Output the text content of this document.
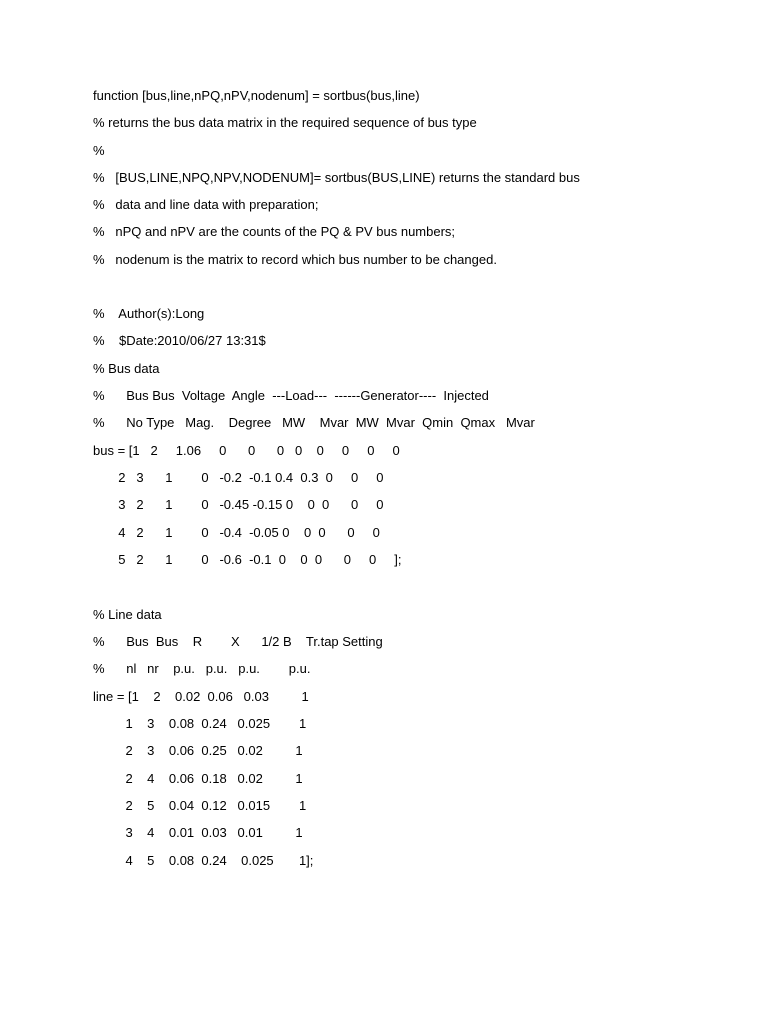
function [bus,line,nPQ,nPV,nodenum] = sortbus(bus,line)
% returns the bus data matrix in the required sequence of bus type
%
%   [BUS,LINE,NPQ,NPV,NODENUM]= sortbus(BUS,LINE) returns the standard bus
%   data and line data with preparation;
%   nPQ and nPV are the counts of the PQ & PV bus numbers;
%   nodenum is the matrix to record which bus number to be changed.
%    Author(s):Long
%    $Date:2010/06/27 13:31$
% Bus data
%      Bus Bus  Voltage  Angle  ---Load---  ------Generator----  Injected
%      No Type   Mag.    Degree   MW    Mvar  MW  Mvar  Qmin  Qmax   Mvar
bus = [1   2     1.06     0      0      0   0    0     0     0     0
2   3      1        0   -0.2  -0.1 0.4  0.3  0     0     0
3   2      1        0   -0.45 -0.15 0    0  0      0     0
4   2      1        0   -0.4  -0.05 0    0  0      0     0
5   2      1        0   -0.6  -0.1  0    0  0      0     0     ];
% Line data
%      Bus  Bus    R        X      1/2 B    Tr.tap Setting
%      nl   nr    p.u.   p.u.   p.u.        p.u.
line = [1    2    0.02  0.06   0.03         1
1    3    0.08  0.24   0.025        1
2    3    0.06  0.25   0.02         1
2    4    0.06  0.18   0.02         1
2    5    0.04  0.12   0.015        1
3    4    0.01  0.03   0.01         1
4    5    0.08  0.24    0.025       1];
